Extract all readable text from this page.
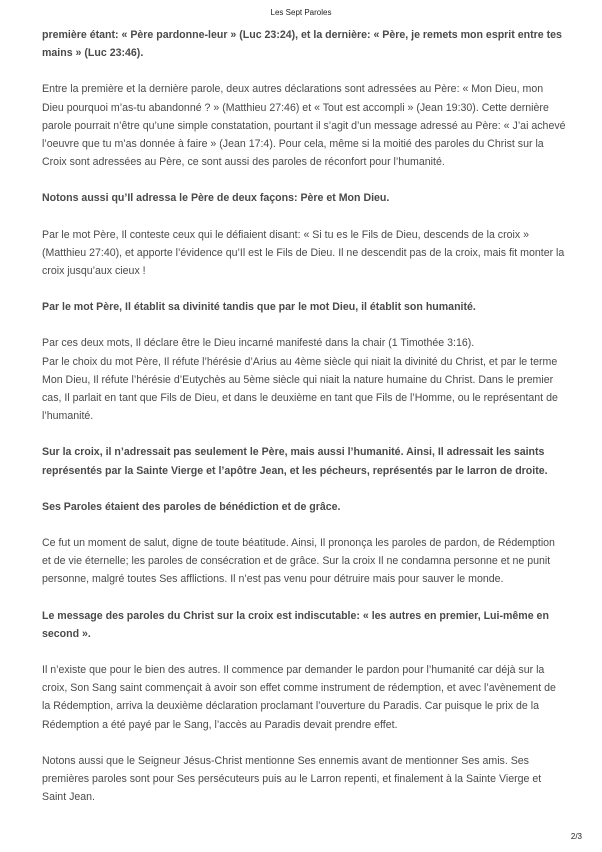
Les Sept Paroles

première étant: « Père pardonne-leur » (Luc 23:24), et la dernière: « Père, je remets mon esprit entre tes mains » (Luc 23:46).

Entre la première et la dernière parole, deux autres déclarations sont adressées au Père: « Mon Dieu, mon Dieu pourquoi m’as-tu abandonné ? » (Matthieu 27:46) et « Tout est accompli » (Jean 19:30). Cette dernière parole pourrait n’être qu’une simple constatation, pourtant il s’agit d’un message adressé au Père: « J’ai achevé l’oeuvre que tu m’as donnée à faire » (Jean 17:4). Pour cela, même si la moitié des paroles du Christ sur la Croix sont adressées au Père, ce sont aussi des paroles de réconfort pour l’humanité.

Notons aussi qu’Il adressa le Père de deux façons: Père et Mon Dieu.

Par le mot Père, Il conteste ceux qui le défiaient disant: « Si tu es le Fils de Dieu, descends de la croix » (Matthieu 27:40), et apporte l’évidence qu’Il est le Fils de Dieu. Il ne descendit pas de la croix, mais fit monter la croix jusqu’aux cieux !

Par le mot Père, Il établit sa divinité tandis que par le mot Dieu, il établit son humanité.

Par ces deux mots, Il déclare être le Dieu incarné manifesté dans la chair (1 Timothée 3:16).
Par le choix du mot Père, Il réfute l’hérésie d’Arius au 4ème siècle qui niait la divinité du Christ, et par le terme Mon Dieu, Il réfute l’hérésie d’Eutychès au 5ème siècle qui niait la nature humaine du Christ. Dans le premier cas, Il parlait en tant que Fils de Dieu, et dans le deuxième en tant que Fils de l’Homme, ou le représentant de l’humanité.

Sur la croix, il n’adressait pas seulement le Père, mais aussi l’humanité. Ainsi, Il adressait les saints représentés par la Sainte Vierge et l’apôtre Jean, et les pécheurs, représentés par le larron de droite.

Ses Paroles étaient des paroles de bénédiction et de grâce.

Ce fut un moment de salut, digne de toute béatitude. Ainsi, Il prononça les paroles de pardon, de Rédemption et de vie éternelle; les paroles de consécration et de grâce. Sur la croix Il ne condamna personne et ne punit personne, malgré toutes Ses afflictions. Il n’est pas venu pour détruire mais pour sauver le monde.

Le message des paroles du Christ sur la croix est indiscutable: « les autres en premier, Lui-même en second ».

Il n’existe que pour le bien des autres. Il commence par demander le pardon pour l’humanité car déjà sur la croix, Son Sang saint commençait à avoir son effet comme instrument de rédemption, et avec l’avènement de la Rédemption, arriva la deuxième déclaration proclamant l’ouverture du Paradis. Car puisque le prix de la Rédemption a été payé par le Sang, l’accès au Paradis devait prendre effet.

Notons aussi que le Seigneur Jésus-Christ mentionne Ses ennemis avant de mentionner Ses amis. Ses premières paroles sont pour Ses persécuteurs puis au le Larron repenti, et finalement à la Sainte Vierge et Saint Jean.

2/3
